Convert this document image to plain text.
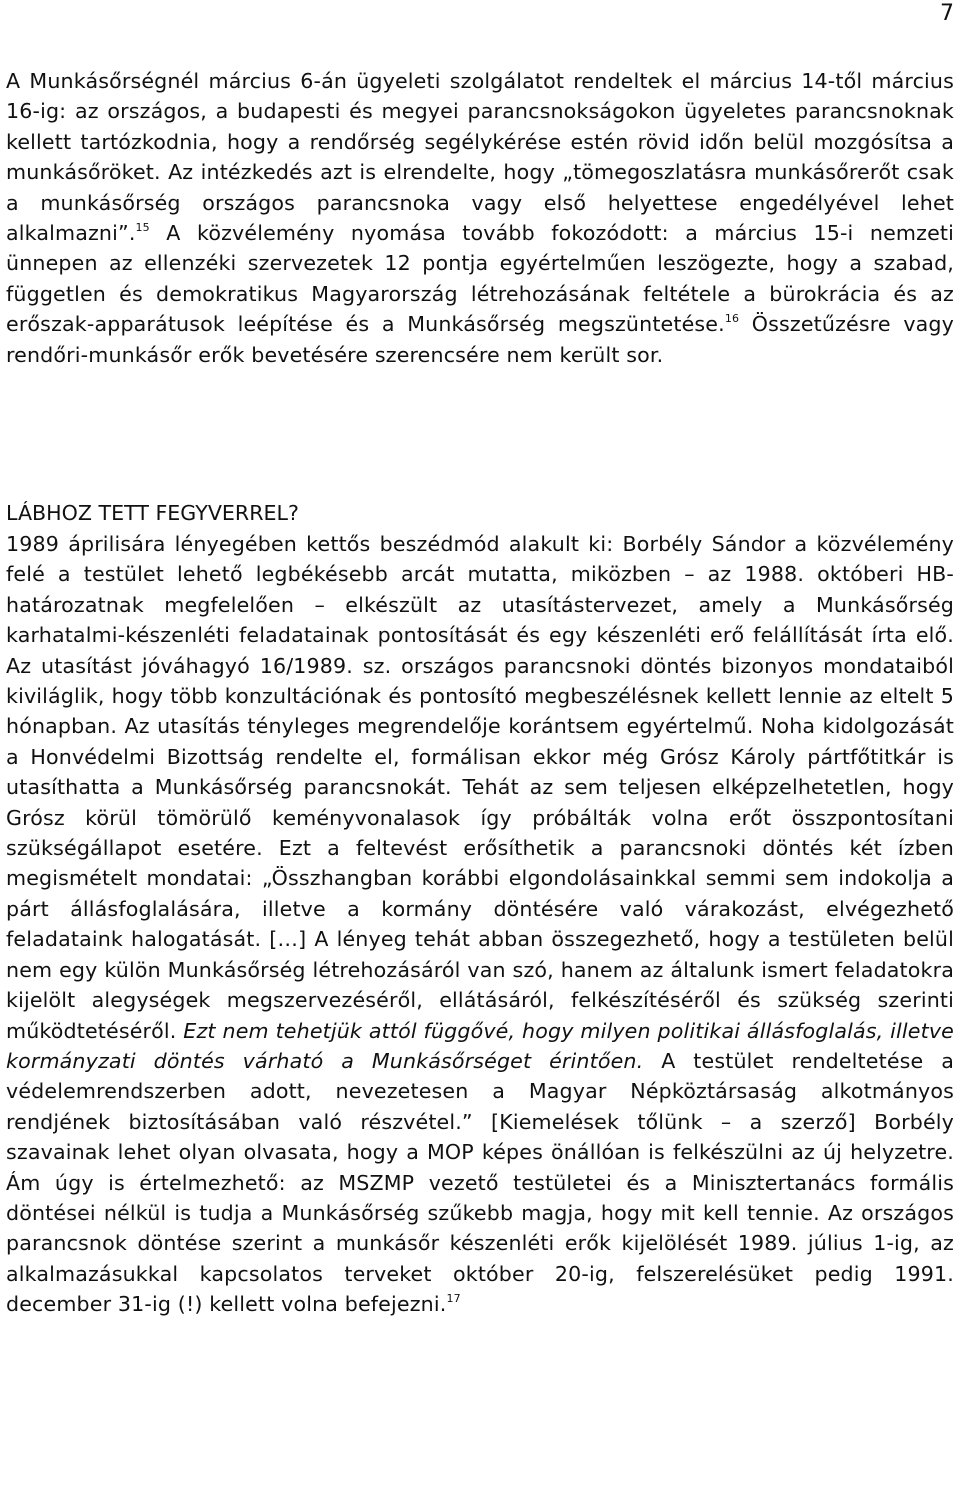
7

A Munkásőrségnél március 6-án ügyeleti szolgálatot rendeltek el március 14-től március 16-ig: az országos, a budapesti és megyei parancsnokságokon ügyeletes parancsnoknak kellett tartózkodnia, hogy a rendőrség segélykérése estén rövid időn belül mozgósítsa a munkásőröket. Az intézkedés azt is elrendelte, hogy „tömegoszlatásra munkásőrerőt csak a munkásőrség országos parancsnoka vagy első helyettese engedélyével lehet alkalmazni”.$^{15}$ A közvélemény nyomása tovább fokozódott: a március 15-i nemzeti ünnepen az ellenzéki szervezetek 12 pontja egyértelműen leszögezte, hogy a szabad, független és demokratikus Magyarország létrehozásának feltétele a bürokrácia és az erőszak-apparátusok leépítése és a Munkásőrség megszüntetése.$^{16}$ Összetűzésre vagy rendőri-munkásőr erők bevetésére szerencsére nem került sor.

LÁBHOZ TETT FEGYVERREL?

1989 áprilisára lényegében kettős beszédmód alakult ki: Borbély Sándor a közvélemény felé a testület lehető legbékésebb arcát mutatta, miközben – az 1988. októberi HB-határozatnak megfelelően – elkészült az utasítástervezet, amely a Munkásőrség karhatalmi-készenléti feladatainak pontosítását és egy készenléti erő felállítását írta elő. Az utasítást jóváhagyó 16/1989. sz. országos parancsnoki döntés bizonyos mondataiból kiviláglik, hogy több konzultációnak és pontosító megbeszélésnek kellett lennie az eltelt 5 hónapban. Az utasítás tényleges megrendelője korántsem egyértelmű. Noha kidolgozását a Honvédelmi Bizottság rendelte el, formálisan ekkor még Grósz Károly pártfőtitkár is utasíthatta a Munkásőrség parancsnokát. Tehát az sem teljesen elképzelhetetlen, hogy Grósz körül tömörülő keményvonalasok így próbálták volna erőt összpontosítani szükségállapot esetére. Ezt a feltevést erősíthetik a parancsnoki döntés két ízben megismételt mondatai: „Összhangban korábbi elgondolásainkkal semmi sem indokolja a párt állásfoglalására, illetve a kormány döntésére való várakozást, elvégezhető feladataink halogatását. […] A lényeg tehát abban összegezhető, hogy a testületen belül nem egy külön Munkásőrség létrehozásáról van szó, hanem az általunk ismert feladatokra kijelölt alegységek megszervezéséről, ellátásáról, felkészítéséről és szükség szerinti működtetéséről. Ezt nem tehetjük attól függővé, hogy milyen politikai állásfoglalás, illetve kormányzati döntés várható a Munkásőrséget érintően. A testület rendeltetése a védelemrendszerben adott, nevezetesen a Magyar Népköztársaság alkotmányos rendjének biztosításában való részvétel.” [Kiemelések tőlünk – a szerző] Borbély szavainak lehet olyan olvasata, hogy a MOP képes önállóan is felkészülni az új helyzetre. Ám úgy is értelmezhető: az MSZMP vezető testületei és a Minisztertanács formális döntései nélkül is tudja a Munkásőrség szűkebb magja, hogy mit kell tennie. Az országos parancsnok döntése szerint a munkásőr készenléti erők kijelölését 1989. július 1-ig, az alkalmazásukkal kapcsolatos terveket október 20-ig, felszerelésüket pedig 1991. december 31-ig (!) kellett volna befejezni.$^{17}$
